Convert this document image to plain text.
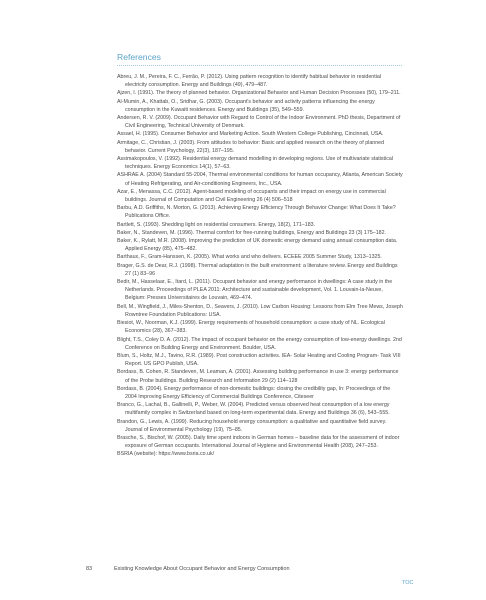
References
Abreu, J. M., Pereira, F. C., Ferrão, P. (2012). Using pattern recognition to identify habitual behavior in residential electricity consumption. Energy and Buildings (49), 479–487.
Ajzen, I. (1991). The theory of planned behavior. Organizational Behavior and Human Decision Processes (50), 179–211.
Al-Mumin, A., Khattab, O., Sridhar, G. (2003). Occupant's behavior and activity patterns influencing the energy consumption in the Kuwaiti residences. Energy and Buildings (35), 549–559.
Andersen, R. V. (2009). Occupant Behavior with Regard to Control of the Indoor Environment. PhD thesis, Department of Civil Engineering, Technical University of Denmark.
Assael, H. (1995). Consumer Behavior and Marketing Action. South Western College Publishing, Cincinnati, USA.
Armitage, C., Christian, J. (2003). From attitudes to behavior: Basic and applied research on the theory of planned behavior. Current Psychology, 22(3), 187–195.
Assimakopoulos, V. (1992). Residential energy demand modelling in developing regions. Use of multivariate statistical techniques. Energy Economics 14(1), 57–63.
ASHRAE A. (2004) Standard 55-2004, Thermal environmental conditions for human occupancy, Atlanta, American Society of Heating Refrigerating, and Air-conditioning Engineers, Inc., USA.
Azar, E., Menassa, C.C. (2012). Agent-based modeling of occupants and their impact on energy use in commercial buildings. Journal of Computation and Civil Engineering 26 (4) 506–518
Barbu, A.D. Griffiths, N. Morton, G. (2013). Achieving Energy Efficiency Through Behavior Change: What Does It Take? Publications Office.
Bartlett, S. (1993). Shedding light on residential consumers. Energy, 18(2), 171–183.
Baker, N., Standeven, M. (1996). Thermal comfort for free-running buildings, Energy and Buildings 23 (3) 175–182.
Baker, K., Rylatt, M.R. (2008). Improving the prediction of UK domestic energy demand using annual consumption data. Applied Energy (85), 475–482.
Barthaux, F., Gram-Hanssen, K. (2005). What works and who delivers. ECEEE 2005 Summer Study, 1313–1325.
Brager, G.S. de Dear, R.J. (1998). Thermal adaptation in the built environment: a literature review. Energy and Buildings 27 (1) 83–96
Bedir, M., Hasselaar, E., Itard, L. (2011). Occupant behavior and energy performance in dwellings: A case study in the Netherlands. Proceedings of PLEA 2011: Architecture and sustainable development, Vol. 1. Louvain-la-Neuve, Belgium: Presses Universitaires de Louvain, 469–474.
Bell, M., Wingfield, J., Miles-Shenton, D., Seavers, J. (2010). Low Carbon Housing: Lessons from Elm Tree Mews, Joseph Rowntree Foundation Publications: USA.
Biesiot, W., Noorman, K.J. (1999). Energy requirements of household consumption: a case study of NL. Ecological Economics (28), 367–383.
Blight, T.S., Coley D. A. (2012). The impact of occupant behavior on the energy consumption of low-energy dwellings. 2nd Conference on Building Energy and Environment. Boulder, USA.
Blum, S., Holtz, M.J., Tavino, R.R. (1989). Post construction activities. IEA- Solar Heating and Cooling Program- Task VIII Report. US GPO Publish, USA.
Bordass, B. Cohen, R. Standeven, M. Leaman, A. (2001). Assessing building performance in use 3: energy performance of the Probe buildings. Building Research and Information 29 (2) 114–128
Bordass, B. (2004). Energy performance of non-domestic buildings: closing the credibility gap, In: Proceedings of the 2004 Improving Energy Efficiency of Commercial Buildings Conference, Citeseer
Branco, G., Lachal, B., Gallinelli, P., Weber, W. (2004). Predicted versus observed heat consumption of a low energy multifamily complex in Switzerland based on long-term experimental data. Energy and Buildings 36 (6), 543–555.
Brandon, G., Lewis, A. (1999). Reducing household energy consumption: a qualitative and quantitative field survey. Journal of Environmental Psychology (19), 75–85.
Brasche, S., Bischof, W. (2005). Daily time spent indoors in German homes – baseline data for the assessment of indoor exposure of German occupants. International Journal of Hygiene and Environmental Health (208), 247–253.
BSRIA (website): https://www.bsria.co.uk/
83	Existing Knowledge About Occupant Behavior and Energy Consumption
TOC
